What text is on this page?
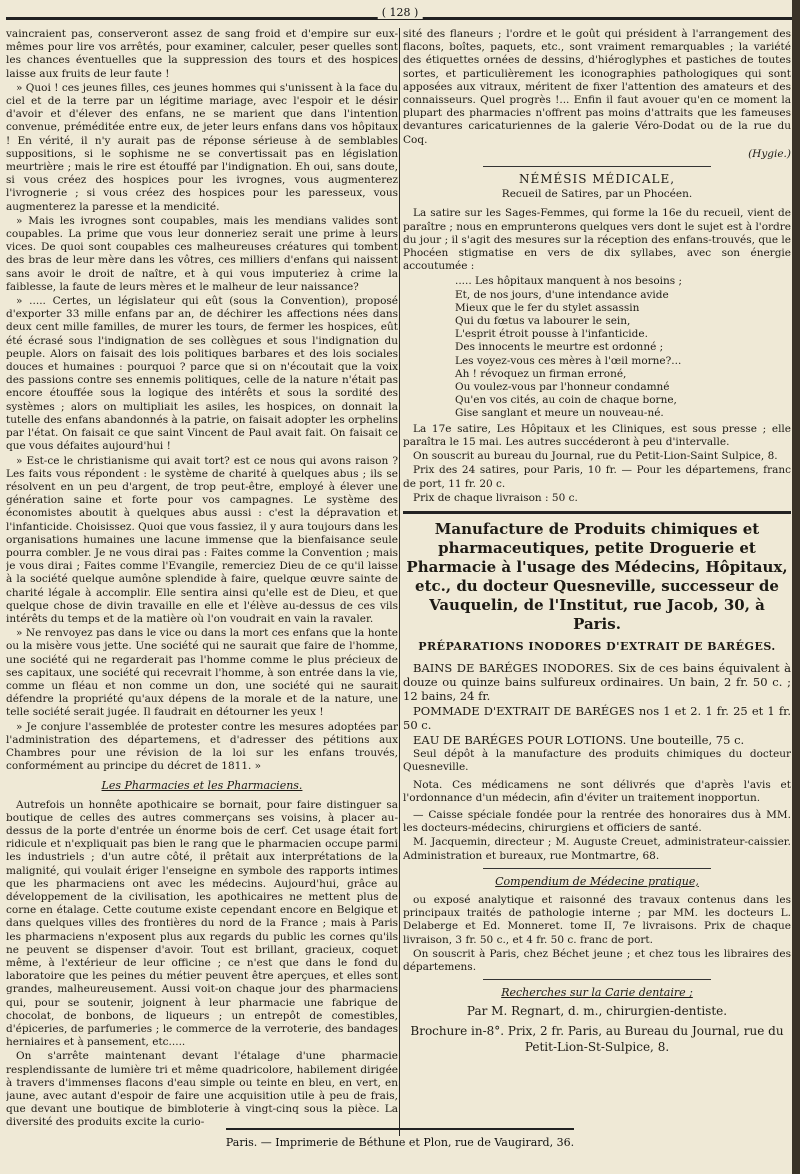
( 128 )

vaincraient pas, conserveront assez de sang froid et d'empire sur eux-mêmes pour lire vos arrêtés, pour examiner, calculer, peser quelles sont les chances éventuelles que la suppression des tours et des hospices laisse aux fruits de leur faute !

» Quoi ! ces jeunes filles, ces jeunes hommes qui s'unissent à la face du ciel et de la terre par un légitime mariage, avec l'espoir et le désir d'avoir et d'élever des enfans, ne se marient que dans l'intention convenue, préméditée entre eux, de jeter leurs enfans dans vos hôpitaux ! En vérité, il n'y aurait pas de réponse sérieuse à de semblables suppositions, si le sophisme ne se convertissait pas en législation meurtrière ; mais le rire est étouffé par l'indignation. Eh oui, sans doute, si vous créez des hospices pour les ivrognes, vous augmenterez l'ivrognerie ; si vous créez des hospices pour les paresseux, vous augmenterez la paresse et la mendicité.

» Mais les ivrognes sont coupables, mais les mendians valides sont coupables. La prime que vous leur donneriez serait une prime à leurs vices. De quoi sont coupables ces malheureuses créatures qui tombent des bras de leur mère dans les vôtres, ces milliers d'enfans qui naissent sans avoir le droit de naître, et à qui vous imputeriez à crime la faiblesse, la faute de leurs mères et le malheur de leur naissance?

» ..... Certes, un législateur qui eût (sous la Convention), proposé d'exporter 33 mille enfans par an, de déchirer les affections nées dans deux cent mille familles, de murer les tours, de fermer les hospices, eût été écrasé sous l'indignation de ses collègues et sous l'indignation du peuple. Alors on faisait des lois politiques barbares et des lois sociales douces et humaines : pourquoi ? parce que si on n'écoutait que la voix des passions contre ses ennemis politiques, celle de la nature n'était pas encore étouffée sous la logique des intérêts et sous la sordité des systèmes ; alors on multipliait les asiles, les hospices, on donnait la tutelle des enfans abandonnés à la patrie, on faisait adopter les orphelins par l'état. On faisait ce que saint Vincent de Paul avait fait. On faisait ce que vous défaites aujourd'hui !

» Est-ce le christianisme qui avait tort? est ce nous qui avons raison ? Les faits vous répondent : le système de charité à quelques abus ; ils se résolvent en un peu d'argent, de trop peut-être, employé à élever une génération saine et forte pour vos campagnes. Le système des économistes aboutit à quelques abus aussi : c'est la dépravation et l'infanticide. Choisissez. Quoi que vous fassiez, il y aura toujours dans les organisations humaines une lacune immense que la bienfaisance seule pourra combler. Je ne vous dirai pas : Faites comme la Convention ; mais je vous dirai ; Faites comme l'Evangile, remerciez Dieu de ce qu'il laisse à la société quelque aumône splendide à faire, quelque œuvre sainte de charité légale à accomplir. Elle sentira ainsi qu'elle est de Dieu, et que quelque chose de divin travaille en elle et l'élève au-dessus de ces vils intérêts du temps et de la matière où l'on voudrait en vain la ravaler.

» Ne renvoyez pas dans le vice ou dans la mort ces enfans que la honte ou la misère vous jette. Une société qui ne saurait que faire de l'homme, une société qui ne regarderait pas l'homme comme le plus précieux de ses capitaux, une société qui recevrait l'homme, à son entrée dans la vie, comme un fléau et non comme un don, une société qui ne saurait défendre la propriété qu'aux dépens de la morale et de la nature, une telle société serait jugée. Il faudrait en détourner les yeux !

» Je conjure l'assemblée de protester contre les mesures adoptées par l'administration des départemens, et d'adresser des pétitions aux Chambres pour une révision de la loi sur les enfans trouvés, conformément au principe du décret de 1811. »

Les Pharmacies et les Pharmaciens.

Autrefois un honnête apothicaire se bornait, pour faire distinguer sa boutique de celles des autres commerçans ses voisins, à placer au-dessus de la porte d'entrée un énorme bois de cerf. Cet usage était fort ridicule et n'expliquait pas bien le rang que le pharmacien occupe parmi les industriels ; d'un autre côté, il prêtait aux interprétations de la malignité, qui voulait ériger l'enseigne en symbole des rapports intimes que les pharmaciens ont avec les médecins. Aujourd'hui, grâce au développement de la civilisation, les apothicaires ne mettent plus de corne en étalage. Cette coutume existe cependant encore en Belgique et dans quelques villes des frontières du nord de la France ; mais à Paris les pharmaciens n'exposent plus aux regards du public les cornes qu'ils ne peuvent se dispenser d'avoir. Tout est brillant, gracieux, coquet même, à l'extérieur de leur officine ; ce n'est que dans le fond du laboratoire que les peines du métier peuvent être aperçues, et elles sont grandes, malheureusement. Aussi voit-on chaque jour des pharmaciens qui, pour se soutenir, joignent à leur pharmacie une fabrique de chocolat, de bonbons, de liqueurs ; un entrepôt de comestibles, d'épiceries, de parfumeries ; le commerce de la verroterie, des bandages herniaires et à pansement, etc.....

On s'arrête maintenant devant l'étalage d'une pharmacie resplendissante de lumière tri et même quadricolore, habilement dirigée à travers d'immenses flacons d'eau simple ou teinte en bleu, en vert, en jaune, avec autant d'espoir de faire une acquisition utile à peu de frais, que devant une boutique de bimbloterie à vingt-cinq sous la pièce. La diversité des produits excite la curio-

sité des flaneurs ; l'ordre et le goût qui président à l'arrangement des flacons, boîtes, paquets, etc., sont vraiment remarquables ; la variété des étiquettes ornées de dessins, d'hiéroglyphes et pastiches de toutes sortes, et particulièrement les iconographies pathologiques qui sont apposées aux vitraux, méritent de fixer l'attention des amateurs et des connaisseurs. Quel progrès !... Enfin il faut avouer qu'en ce moment la plupart des pharmacies n'offrent pas moins d'attraits que les fameuses devantures caricaturiennes de la galerie Véro-Dodat ou de la rue du Coq.

(Hygie.)
NÉMÉSIS MÉDICALE,
Recueil de Satires, par un Phocéen.

La satire sur les Sages-Femmes, qui forme la 16e du recueil, vient de paraître ; nous en emprunterons quelques vers dont le sujet est à l'ordre du jour ; il s'agit des mesures sur la réception des enfans-trouvés, que le Phocéen stigmatise en vers de dix syllabes, avec son énergie accoutumée :

..... Les hôpitaux manquent à nos besoins ;
Et, de nos jours, d'une intendance avide
Mieux que le fer du stylet assassin
Qui du fœtus va labourer le sein,
L'esprit étroit pousse à l'infanticide.
Des innocents le meurtre est ordonné ;
Les voyez-vous ces mères à l'œil morne?...
Ah ! révoquez un firman erroné,
Ou voulez-vous par l'honneur condamné
Qu'en vos cités, au coin de chaque borne,
Gise sanglant et meure un nouveau-né.

La 17e satire, Les Hôpitaux et les Cliniques, est sous presse ; elle paraîtra le 15 mai. Les autres succéderont à peu d'intervalle.

On souscrit au bureau du Journal, rue du Petit-Lion-Saint Sulpice, 8.

Prix des 24 satires, pour Paris, 10 fr. — Pour les départemens, franc de port, 11 fr. 20 c.

Prix de chaque livraison : 50 c.

Manufacture de Produits chimiques et pharmaceutiques, petite Droguerie et Pharmacie à l'usage des Médecins, Hôpitaux, etc., du docteur Quesneville, successeur de Vauquelin, de l'Institut, rue Jacob, 30, à Paris.
PRÉPARATIONS INODORES D'EXTRAIT DE BARÉGES.

BAINS DE BARÉGES INODORES. Six de ces bains équivalent à douze ou quinze bains sulfureux ordinaires. Un bain, 2 fr. 50 c. ; 12 bains, 24 fr.

POMMADE D'EXTRAIT DE BARÉGES nos 1 et 2. 1 fr. 25 et 1 fr. 50 c.

EAU DE BARÉGES POUR LOTIONS. Une bouteille, 75 c.

Seul dépôt à la manufacture des produits chimiques du docteur Quesneville.

Nota. Ces médicamens ne sont délivrés que d'après l'avis et l'ordonnance d'un médecin, afin d'éviter un traitement inopportun.

— Caisse spéciale fondée pour la rentrée des honoraires dus à MM. les docteurs-médecins, chirurgiens et officiers de santé.

M. Jacquemin, directeur ; M. Auguste Creuet, administrateur-caissier. Administration et bureaux, rue Montmartre, 68.

Compendium de Médecine pratique,

ou exposé analytique et raisonné des travaux contenus dans les principaux traités de pathologie interne ; par MM. les docteurs L. Delaberge et Ed. Monneret. tome II, 7e livraisons. Prix de chaque livraison, 3 fr. 50 c., et 4 fr. 50 c. franc de port.

On souscrit à Paris, chez Béchet jeune ; et chez tous les libraires des départemens.

Recherches sur la Carie dentaire ;
Par M. Regnart, d. m., chirurgien-dentiste.
Brochure in-8°. Prix, 2 fr. Paris, au Bureau du Journal, rue du Petit-Lion-St-Sulpice, 8.
Paris. — Imprimerie de Béthune et Plon, rue de Vaugirard, 36.
